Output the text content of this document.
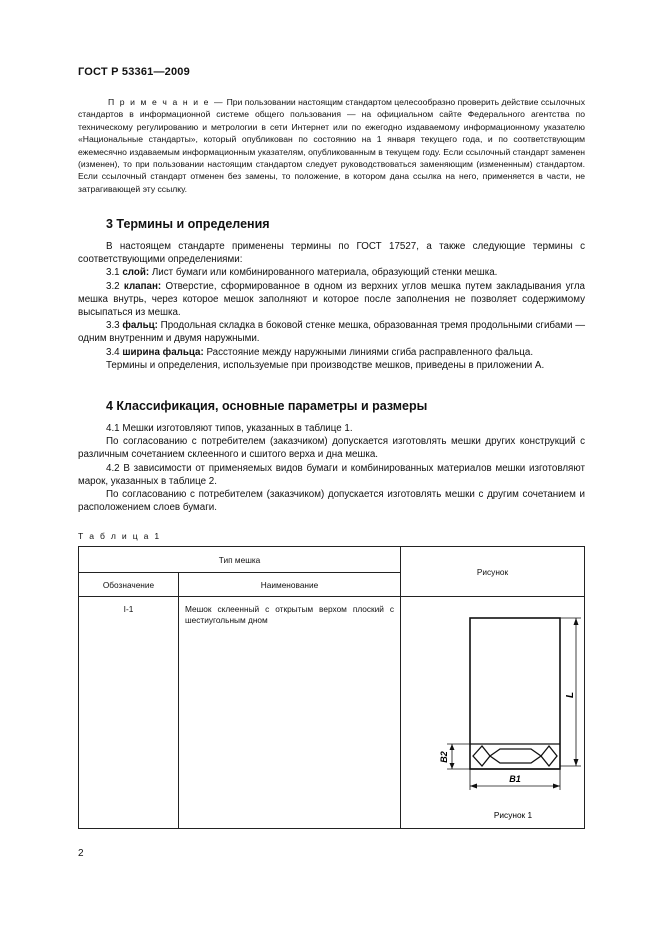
ГОСТ Р 53361—2009

П р и м е ч а н и е — При пользовании настоящим стандартом целесообразно проверить действие ссылочных стандартов в информационной системе общего пользования — на официальном сайте Федерального агентства по техническому регулированию и метрологии в сети Интернет или по ежегодно издаваемому информационному указателю «Национальные стандарты», который опубликован по состоянию на 1 января текущего года, и по соответствующим ежемесячно издаваемым информационным указателям, опубликованным в текущем году. Если ссылочный стандарт заменен (изменен), то при пользовании настоящим стандартом следует руководствоваться заменяющим (измененным) стандартом. Если ссылочный стандарт отменен без замены, то положение, в котором дана ссылка на него, применяется в части, не затрагивающей эту ссылку.

3 Термины и определения

В настоящем стандарте применены термины по ГОСТ 17527, а также следующие термины с соответствующими определениями:

3.1 слой: Лист бумаги или комбинированного материала, образующий стенки мешка.

3.2 клапан: Отверстие, сформированное в одном из верхних углов мешка путем закладывания угла мешка внутрь, через которое мешок заполняют и которое после заполнения не позволяет содержимому высыпаться из мешка.

3.3 фальц: Продольная складка в боковой стенке мешка, образованная тремя продольными сгибами — одним внутренним и двумя наружными.

3.4 ширина фальца: Расстояние между наружными линиями сгиба расправленного фальца.

Термины и определения, используемые при производстве мешков, приведены в приложении А.

4 Классификация, основные параметры и размеры

4.1 Мешки изготовляют типов, указанных в таблице 1.

По согласованию с потребителем (заказчиком) допускается изготовлять мешки других конструкций с различным сочетанием склеенного и сшитого верха и дна мешка.

4.2 В зависимости от применяемых видов бумаги и комбинированных материалов мешки изготовляют марок, указанных в таблице 2.

По согласованию с потребителем (заказчиком) допускается изготовлять мешки с другим сочетанием и расположением слоев бумаги.

Т а б л и ц а 1
Тип мешка		Рисунок
Обозначение	Наименование	
I-1	Мешок склеенный с открытым верхом плоский с шестиугольным дном	L
B2
B1
Рисунок 1
2
